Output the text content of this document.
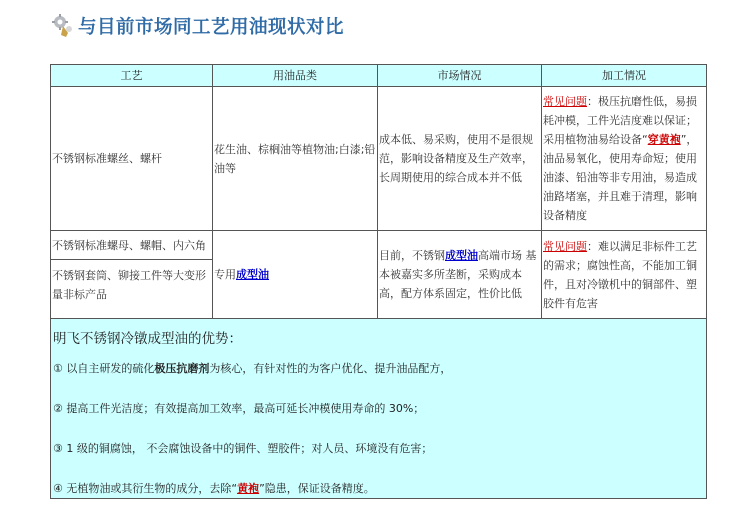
与目前市场同工艺用油现状对比
工艺	用油品类	市场情况	加工情况
不锈钢标准螺丝、螺杆	花生油、棕榈油等植物油;白漆;铅油等	成本低、易采购，使用不是很规范，影响设备精度及生产效率，长周期使用的综合成本并不低	常见问题：极压抗磨性低，易损耗冲模，工件光洁度难以保证；采用植物油易给设备“穿黄袍”，油品易氧化，使用寿命短；使用油漆、铅油等非专用油，易造成油路堵塞，并且难于清理，影响设备精度

不锈钢标准螺母、螺帽、内六角
不锈钢套筒、铆接工件等大变形量非标产品	专用成型油	目前，不锈钢成型油高端市场 基本被嘉实多所垄断，采购成本高，配方体系固定，性价比低	常见问题：难以满足非标件工艺的需求；腐蚀性高，不能加工铜件，且对冷镦机中的铜部件、塑胶件有危害

明飞不锈钢冷镦成型油的优势：
① 以自主研发的硫化极压抗磨剂为核心，有针对性的为客户优化、提升油品配方，
② 提高工件光洁度；有效提高加工效率，最高可延长冲模使用寿命的 30%；
③ 1 级的铜腐蚀， 不会腐蚀设备中的铜件、塑胶件；对人员、环境没有危害；
④ 无植物油或其衍生物的成分，去除“黄袍”隐患，保证设备精度。			
